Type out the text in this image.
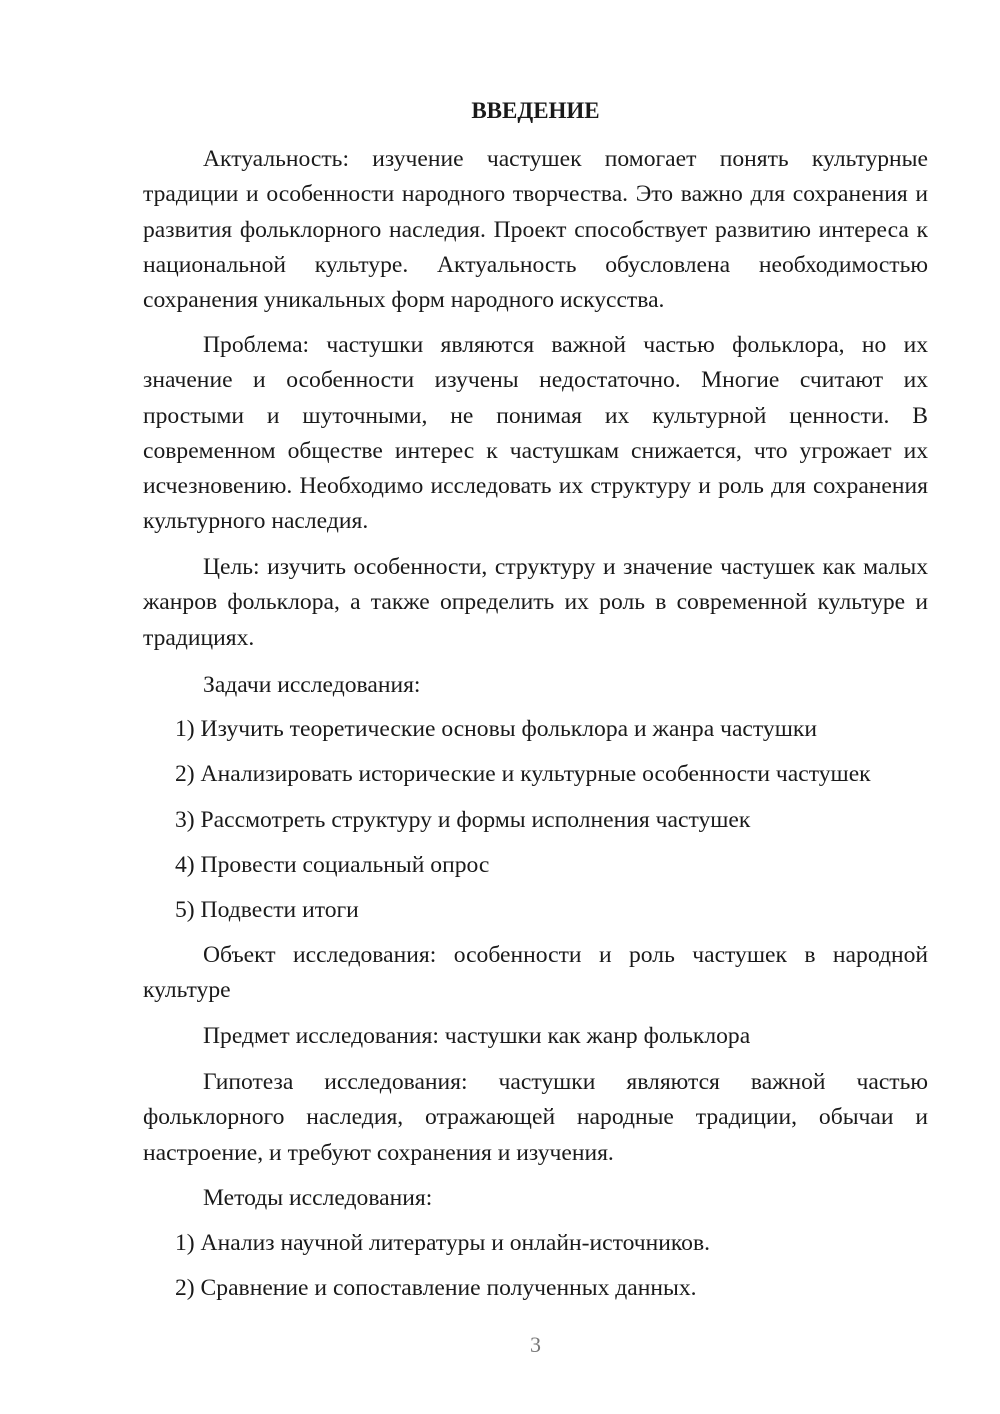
ВВЕДЕНИЕ
Актуальность: изучение частушек помогает понять культурные традиции и особенности народного творчества. Это важно для сохранения и развития фольклорного наследия. Проект способствует развитию интереса к национальной культуре. Актуальность обусловлена необходимостью сохранения уникальных форм народного искусства.
Проблема: частушки являются важной частью фольклора, но их значение и особенности изучены недостаточно. Многие считают их простыми и шуточными, не понимая их культурной ценности. В современном обществе интерес к частушкам снижается, что угрожает их исчезновению. Необходимо исследовать их структуру и роль для сохранения культурного наследия.
Цель: изучить особенности, структуру и значение частушек как малых жанров фольклора, а также определить их роль в современной культуре и традициях.
Задачи исследования:
1) Изучить теоретические основы фольклора и жанра частушки
2) Анализировать исторические и культурные особенности частушек
3) Рассмотреть структуру и формы исполнения частушек
4) Провести социальный опрос
5) Подвести итоги
Объект исследования: особенности и роль частушек в народной культуре
Предмет исследования: частушки как жанр фольклора
Гипотеза исследования: частушки являются важной частью фольклорного наследия, отражающей народные традиции, обычаи и настроение, и требуют сохранения и изучения.
Методы исследования:
1) Анализ научной литературы и онлайн-источников.
2) Сравнение и сопоставление полученных данных.
3
